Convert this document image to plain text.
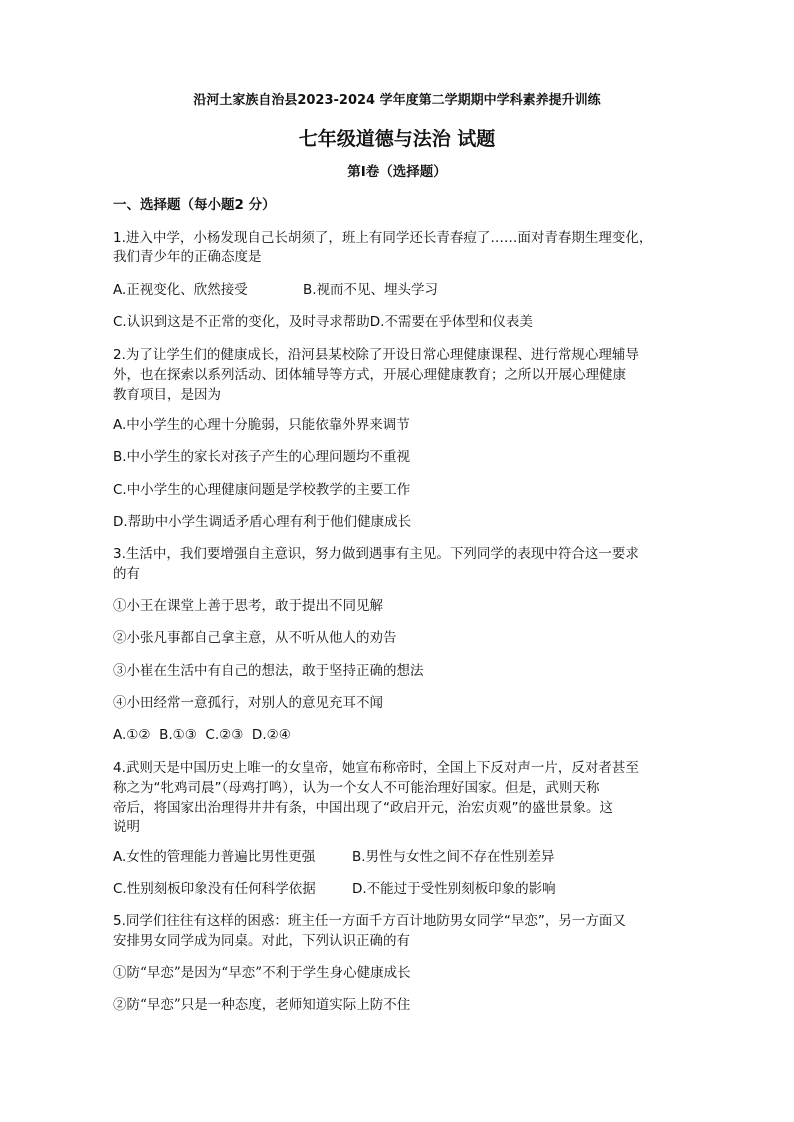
沿河土家族自治县2023-2024 学年度第二学期期中学科素养提升训练
七年级道德与法治 试题
第Ⅰ卷（选择题）
一、选择题（每小题2 分）
1.进入中学，小杨发现自己长胡须了，班上有同学还长青春痘了……面对青春期生理变化，
我们青少年的正确态度是
A.正视变化、欣然接受	B.视而不见、埋头学习
C.认识到这是不正常的变化，及时寻求帮助D.不需要在乎体型和仪表美
2.为了让学生们的健康成长，沿河县某校除了开设日常心理健康课程、进行常规心理辅导
外，也在探索以系列活动、团体辅导等方式，开展心理健康教育；之所以开展心理健康
教育项目，是因为
A.中小学生的心理十分脆弱，只能依靠外界来调节
B.中小学生的家长对孩子产生的心理问题均不重视
C.中小学生的心理健康问题是学校教学的主要工作
D.帮助中小学生调适矛盾心理有利于他们健康成长
3.生活中，我们要增强自主意识，努力做到遇事有主见。下列同学的表现中符合这一要求
的有
①小王在课堂上善于思考，敢于提出不同见解
②小张凡事都自己拿主意，从不听从他人的劝告
③小崔在生活中有自己的想法，敢于坚持正确的想法
④小田经常一意孤行，对别人的意见充耳不闻
A.①②  B.①③  C.②③  D.②④
4.武则天是中国历史上唯一的女皇帝，她宣布称帝时，全国上下反对声一片，反对者甚至
称之为“牝鸡司晨”（母鸡打鸣），认为一个女人不可能治理好国家。但是，武则天称
帝后，将国家出治理得井井有条，中国出现了“政启开元，治宏贞观”的盛世景象。这
说明
A.女性的管理能力普遍比男性更强	B.男性与女性之间不存在性别差异
C.性别刻板印象没有任何科学依据	D.不能过于受性别刻板印象的影响
5.同学们往往有这样的困惑：班主任一方面千方百计地防男女同学“早恋”，另一方面又
安排男女同学成为同桌。对此，下列认识正确的有
①防“早恋”是因为“早恋”不利于学生身心健康成长
②防“早恋”只是一种态度，老师知道实际上防不住
